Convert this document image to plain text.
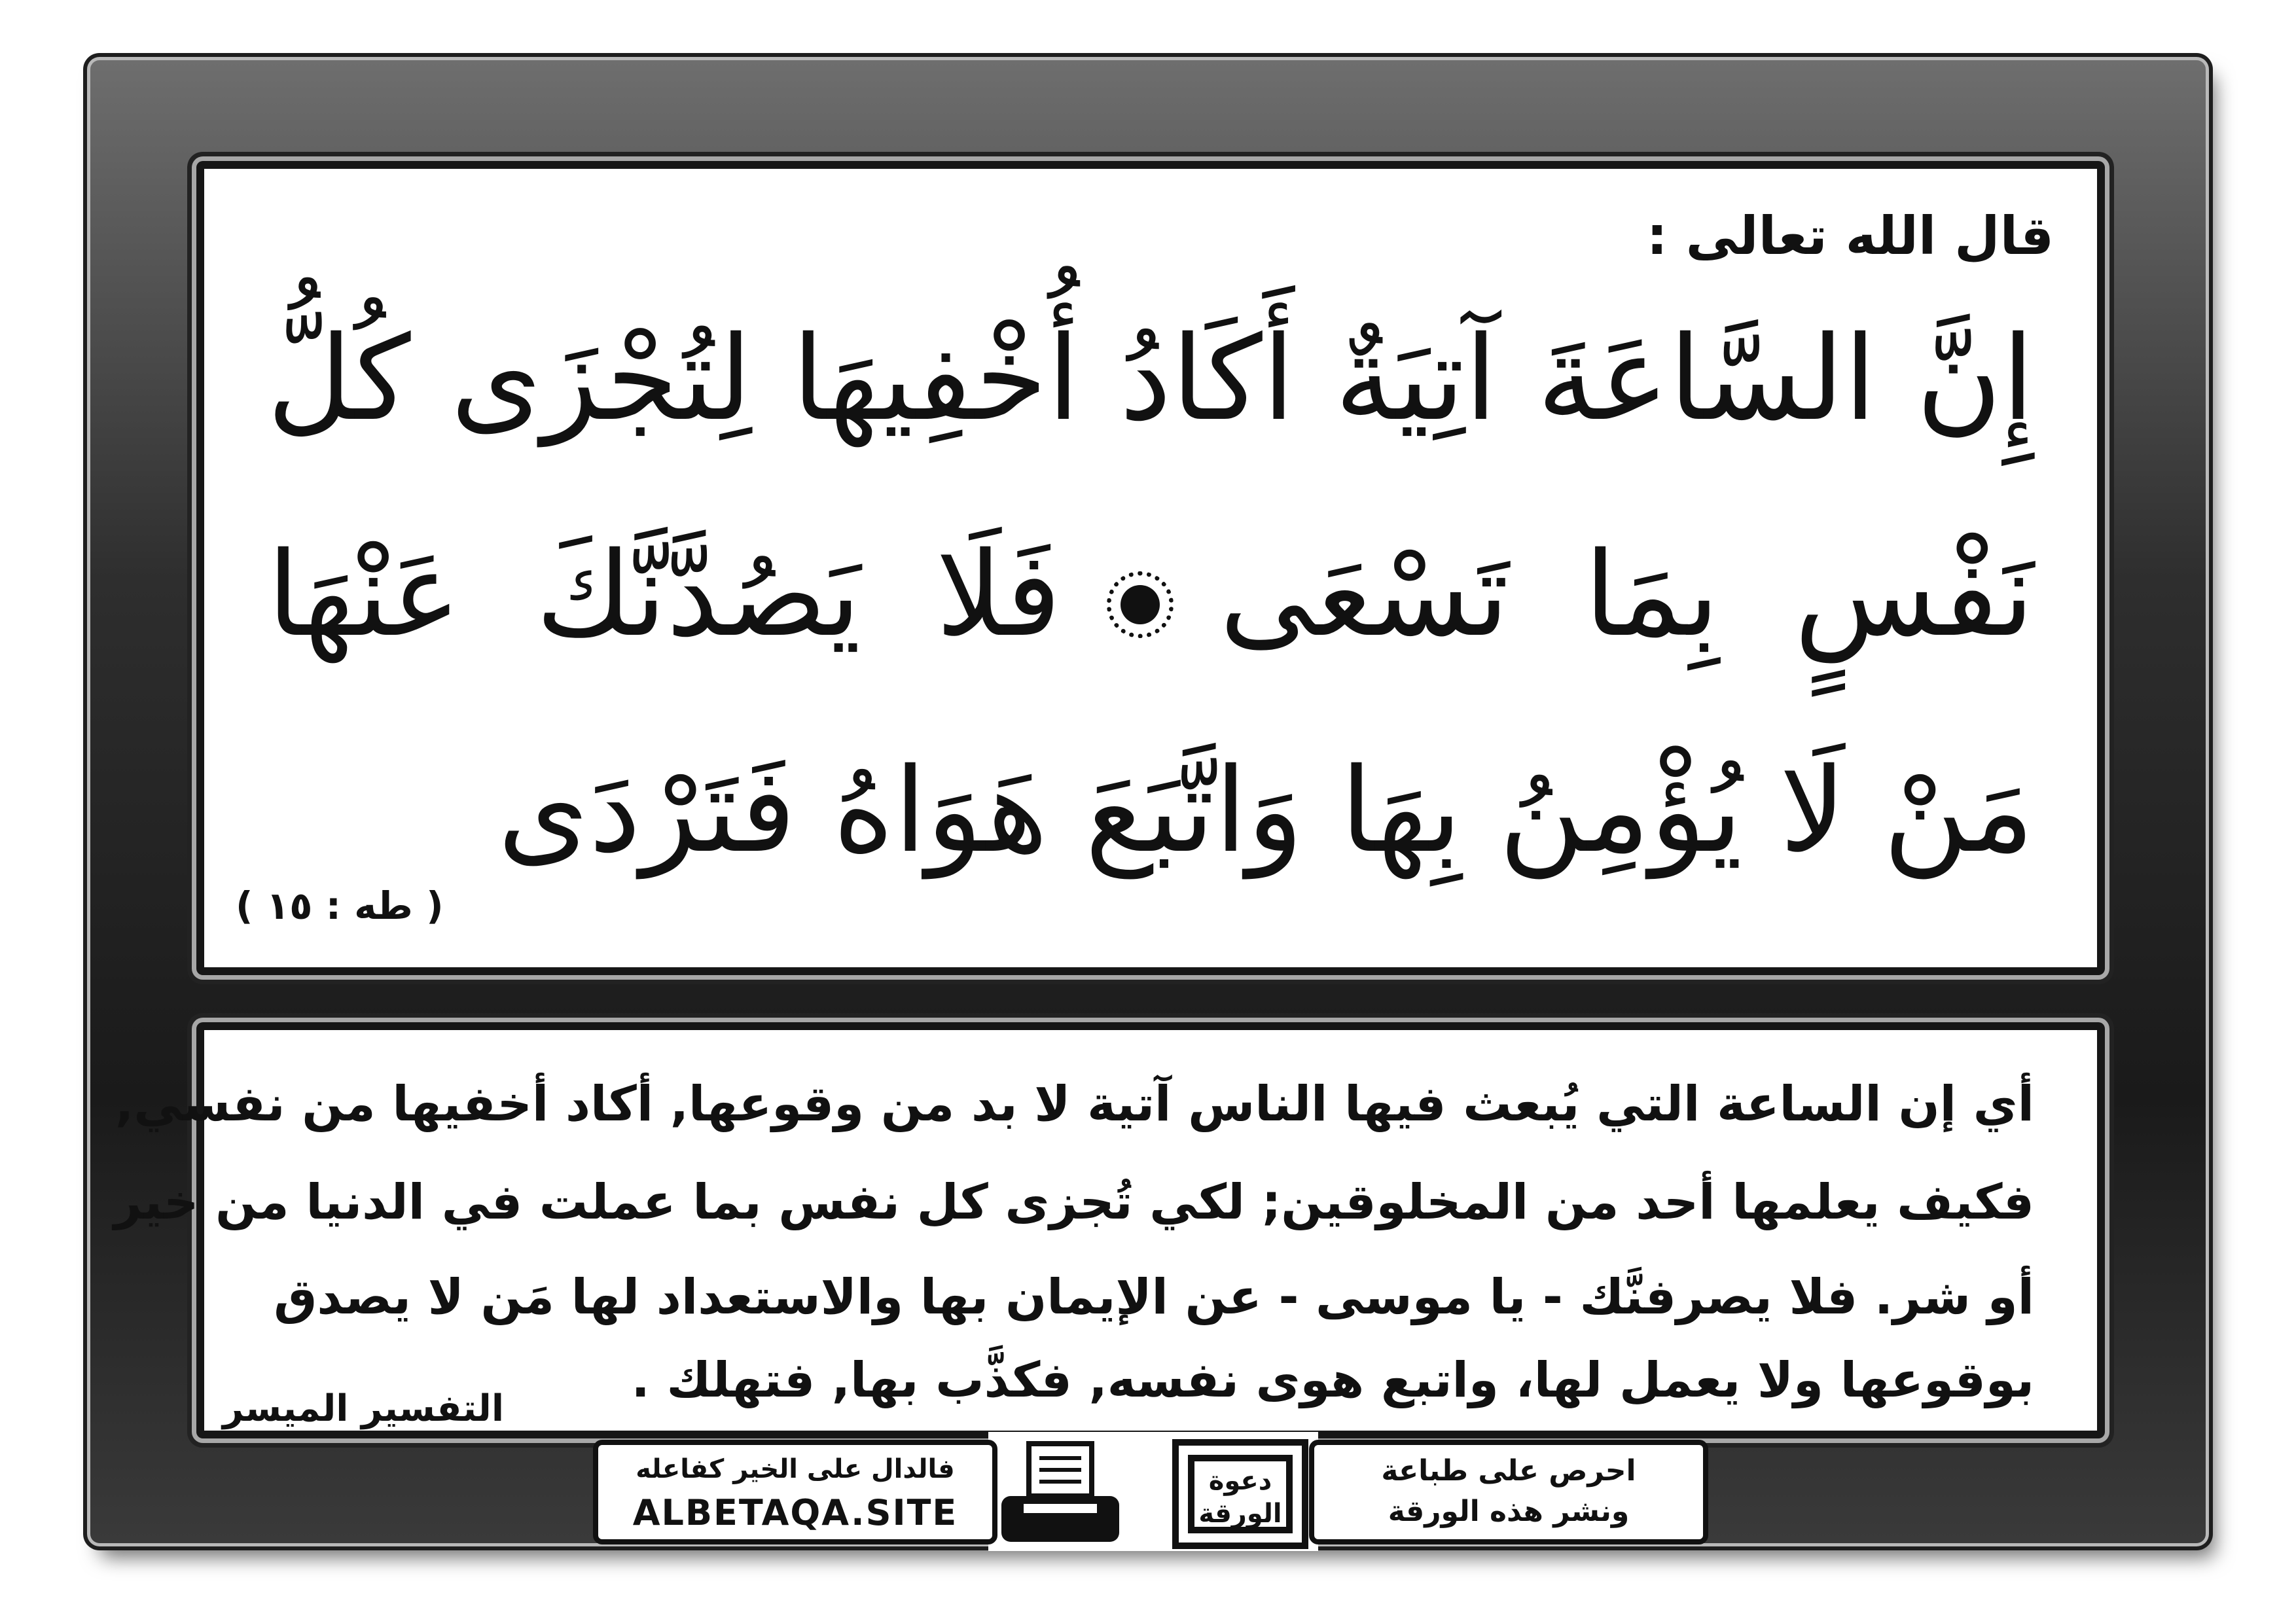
قال الله تعالى :
إِنَّ السَّاعَةَ آتِيَةٌ أَكَادُ أُخْفِيهَا لِتُجْزَى كُلُّ
نَفْسٍ بِمَا تَسْعَىفَلَا يَصُدَّنَّكَ عَنْهَا
مَنْ لَا يُؤْمِنُ بِهَا وَاتَّبَعَ هَوَاهُ فَتَرْدَى
( طه : ١٥ )
أي إن الساعة التي يُبعث فيها الناس آتية لا بد من وقوعها, أكاد أخفيها من نفسي,
فكيف يعلمها أحد من المخلوقين; لكي تُجزى كل نفس بما عملت في الدنيا من خير
أو شر. فلا يصرفنَّك - يا موسى - عن الإيمان بها والاستعداد لها مَن لا يصدق
بوقوعها ولا يعمل لها، واتبع هوى نفسه, فكذَّب بها, فتهلك .
التفسير الميسر
فالدال على الخير كفاعله
ALBETAQA.SITE
دعوة
الورقة
احرص على طباعة
ونشر هذه الورقة
